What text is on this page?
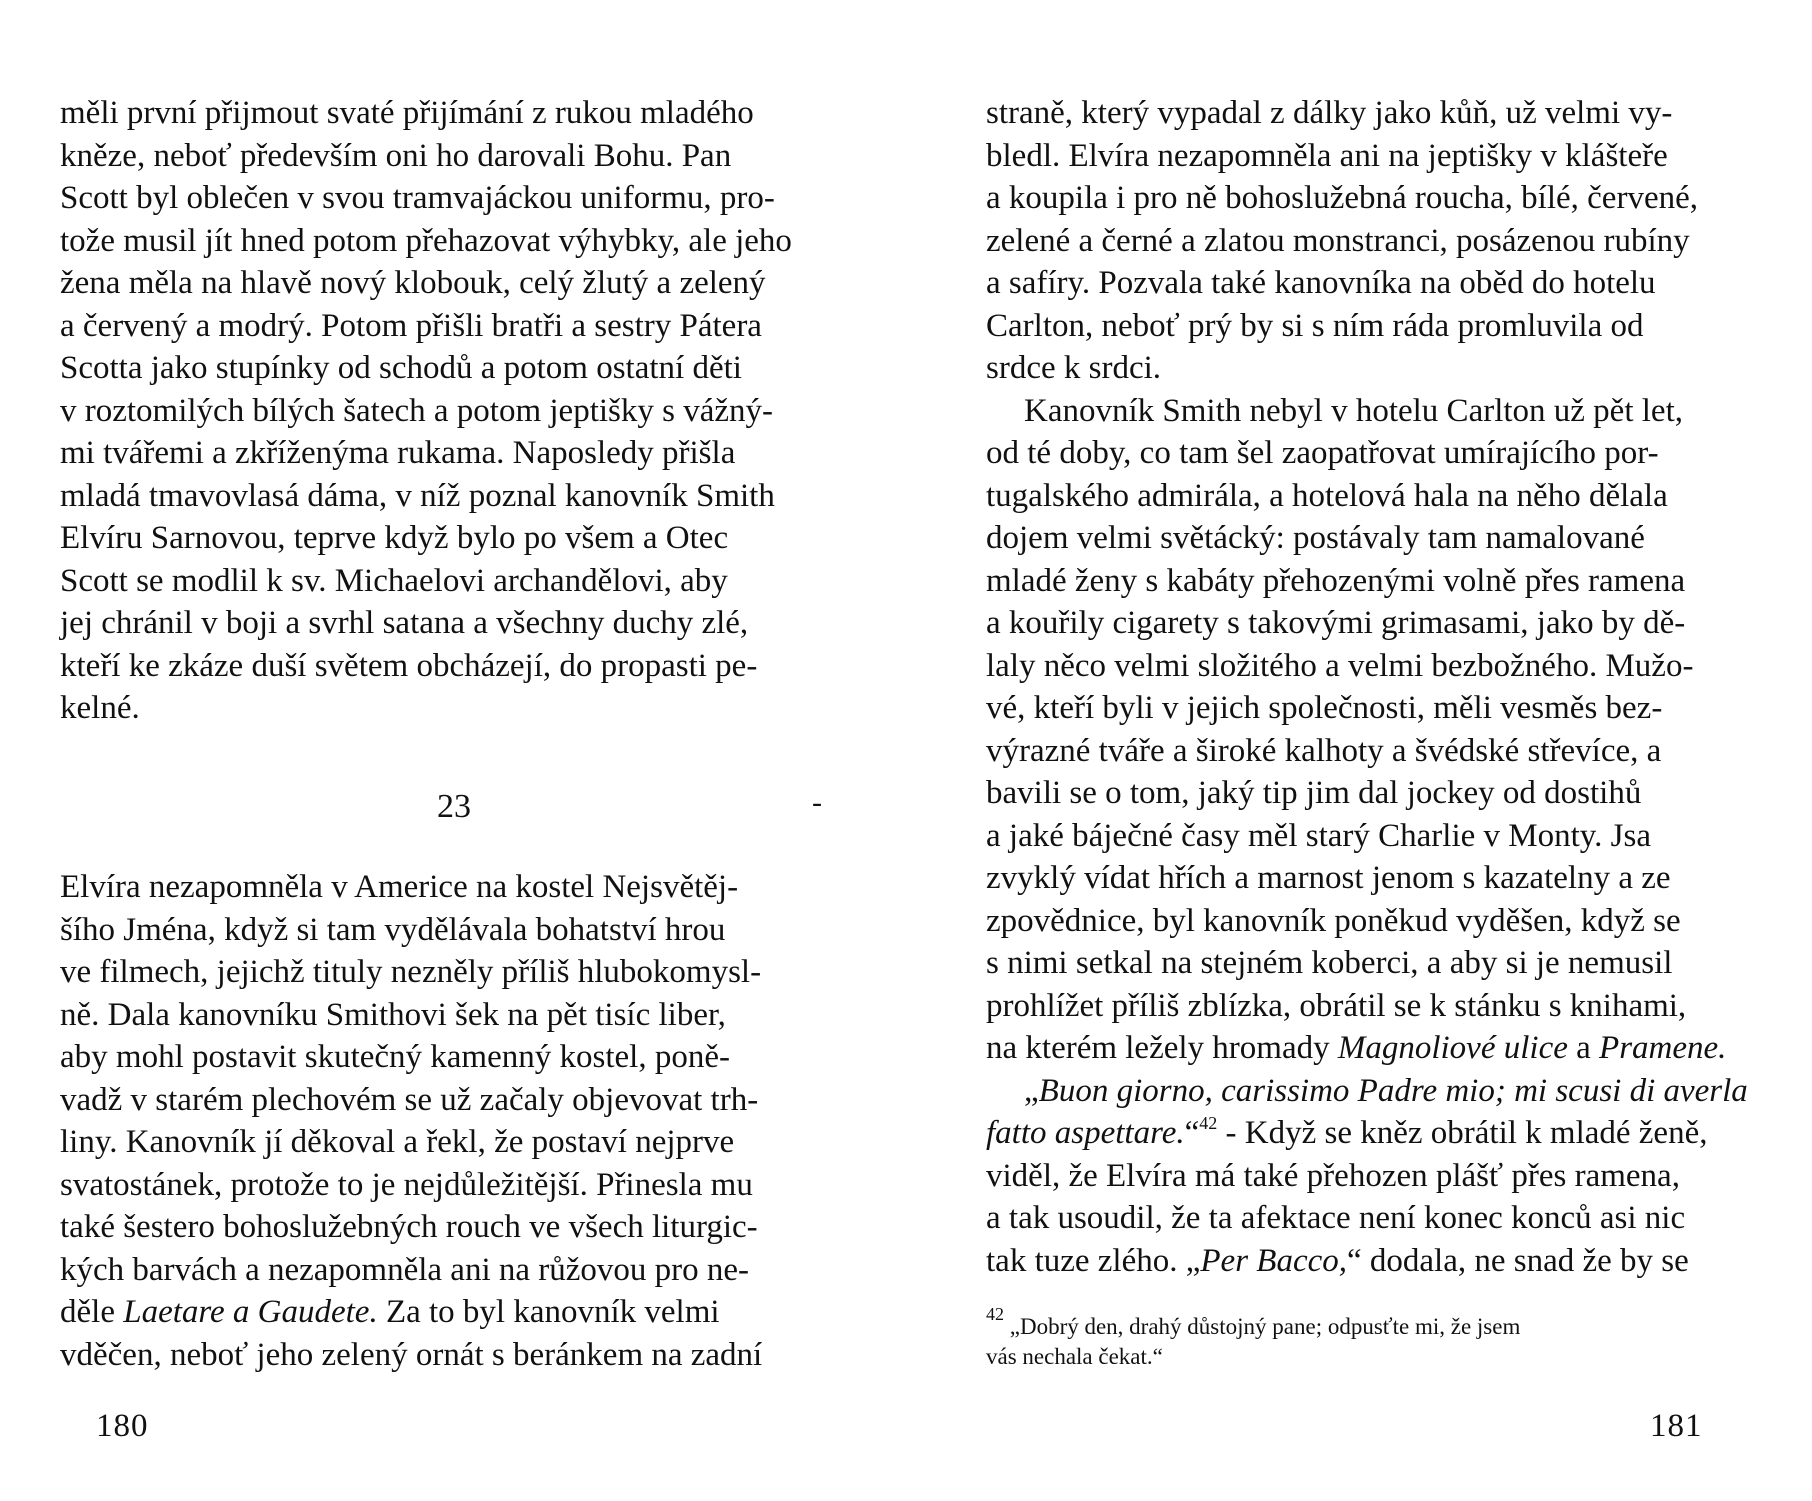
měli první přijmout svaté přijímání z rukou mladého
kněze, neboť především oni ho darovali Bohu. Pan
Scott byl oblečen v svou tramvajáckou uniformu, pro-
tože musil jít hned potom přehazovat výhybky, ale jeho
žena měla na hlavě nový klobouk, celý žlutý a zelený
a červený a modrý. Potom přišli bratři a sestry Pátera
Scotta jako stupínky od schodů a potom ostatní děti
v roztomilých bílých šatech a potom jeptišky s vážný-
mi tvářemi a zkříženýma rukama. Naposledy přišla
mladá tmavovlasá dáma, v níž poznal kanovník Smith
Elvíru Sarnovou, teprve když bylo po všem a Otec
Scott se modlil k sv. Michaelovi archandělovi, aby
jej chránil v boji a svrhl satana a všechny duchy zlé,
kteří ke zkáze duší světem obcházejí, do propasti pe-
kelné.

23	-

Elvíra nezapomněla v Americe na kostel Nejsvětěj-
šího Jména, když si tam vydělávala bohatství hrou
ve filmech, jejichž tituly nezněly příliš hlubokomysl-
ně. Dala kanovníku Smithovi šek na pět tisíc liber,
aby mohl postavit skutečný kamenný kostel, poně-
vadž v starém plechovém se už začaly objevovat trh-
liny. Kanovník jí děkoval a řekl, že postaví nejprve
svatostánek, protože to je nejdůležitější. Přinesla mu
také šestero bohoslužebných rouch ve všech liturgic-
kých barvách a nezapomněla ani na růžovou pro ne-
děle Laetare a Gaudete. Za to byl kanovník velmi
vděčen, neboť jeho zelený ornát s beránkem na zadní

180

straně, který vypadal z dálky jako kůň, už velmi vy-
bledl. Elvíra nezapomněla ani na jeptišky v klášteře
a koupila i pro ně bohoslužebná roucha, bílé, červené,
zelené a černé a zlatou monstranci, posázenou rubíny
a safíry. Pozvala také kanovníka na oběd do hotelu
Carlton, neboť prý by si s ním ráda promluvila od
srdce k srdci.

Kanovník Smith nebyl v hotelu Carlton už pět let,
od té doby, co tam šel zaopatřovat umírajícího por-
tugalského admirála, a hotelová hala na něho dělala
dojem velmi světácký: postávaly tam namalované
mladé ženy s kabáty přehozenými volně přes ramena
a kouřily cigarety s takovými grimasami, jako by dě-
laly něco velmi složitého a velmi bezbožného. Mužo-
vé, kteří byli v jejich společnosti, měli vesměs bez-
výrazné tváře a široké kalhoty a švédské střevíce, a
bavili se o tom, jaký tip jim dal jockey od dostihů
a jaké báječné časy měl starý Charlie v Monty. Jsa
zvyklý vídat hřích a marnost jenom s kazatelny a ze
zpovědnice, byl kanovník poněkud vyděšen, když se
s nimi setkal na stejném koberci, a aby si je nemusil
prohlížet příliš zblízka, obrátil se k stánku s knihami,
na kterém ležely hromady Magnoliové ulice a Pramene.

„Buon giorno, carissimo Padre mio; mi scusi di averla
fatto aspettare.“$^{42}$ - Když se kněz obrátil k mladé ženě,
viděl, že Elvíra má také přehozen plášť přes ramena,
a tak usoudil, že ta afektace není konec konců asi nic
tak tuze zlého. „Per Bacco,“ dodala, ne snad že by se

$^{42}$ „Dobrý den, drahý důstojný pane; odpusťte mi, že jsem
vás nechala čekat.“
181
